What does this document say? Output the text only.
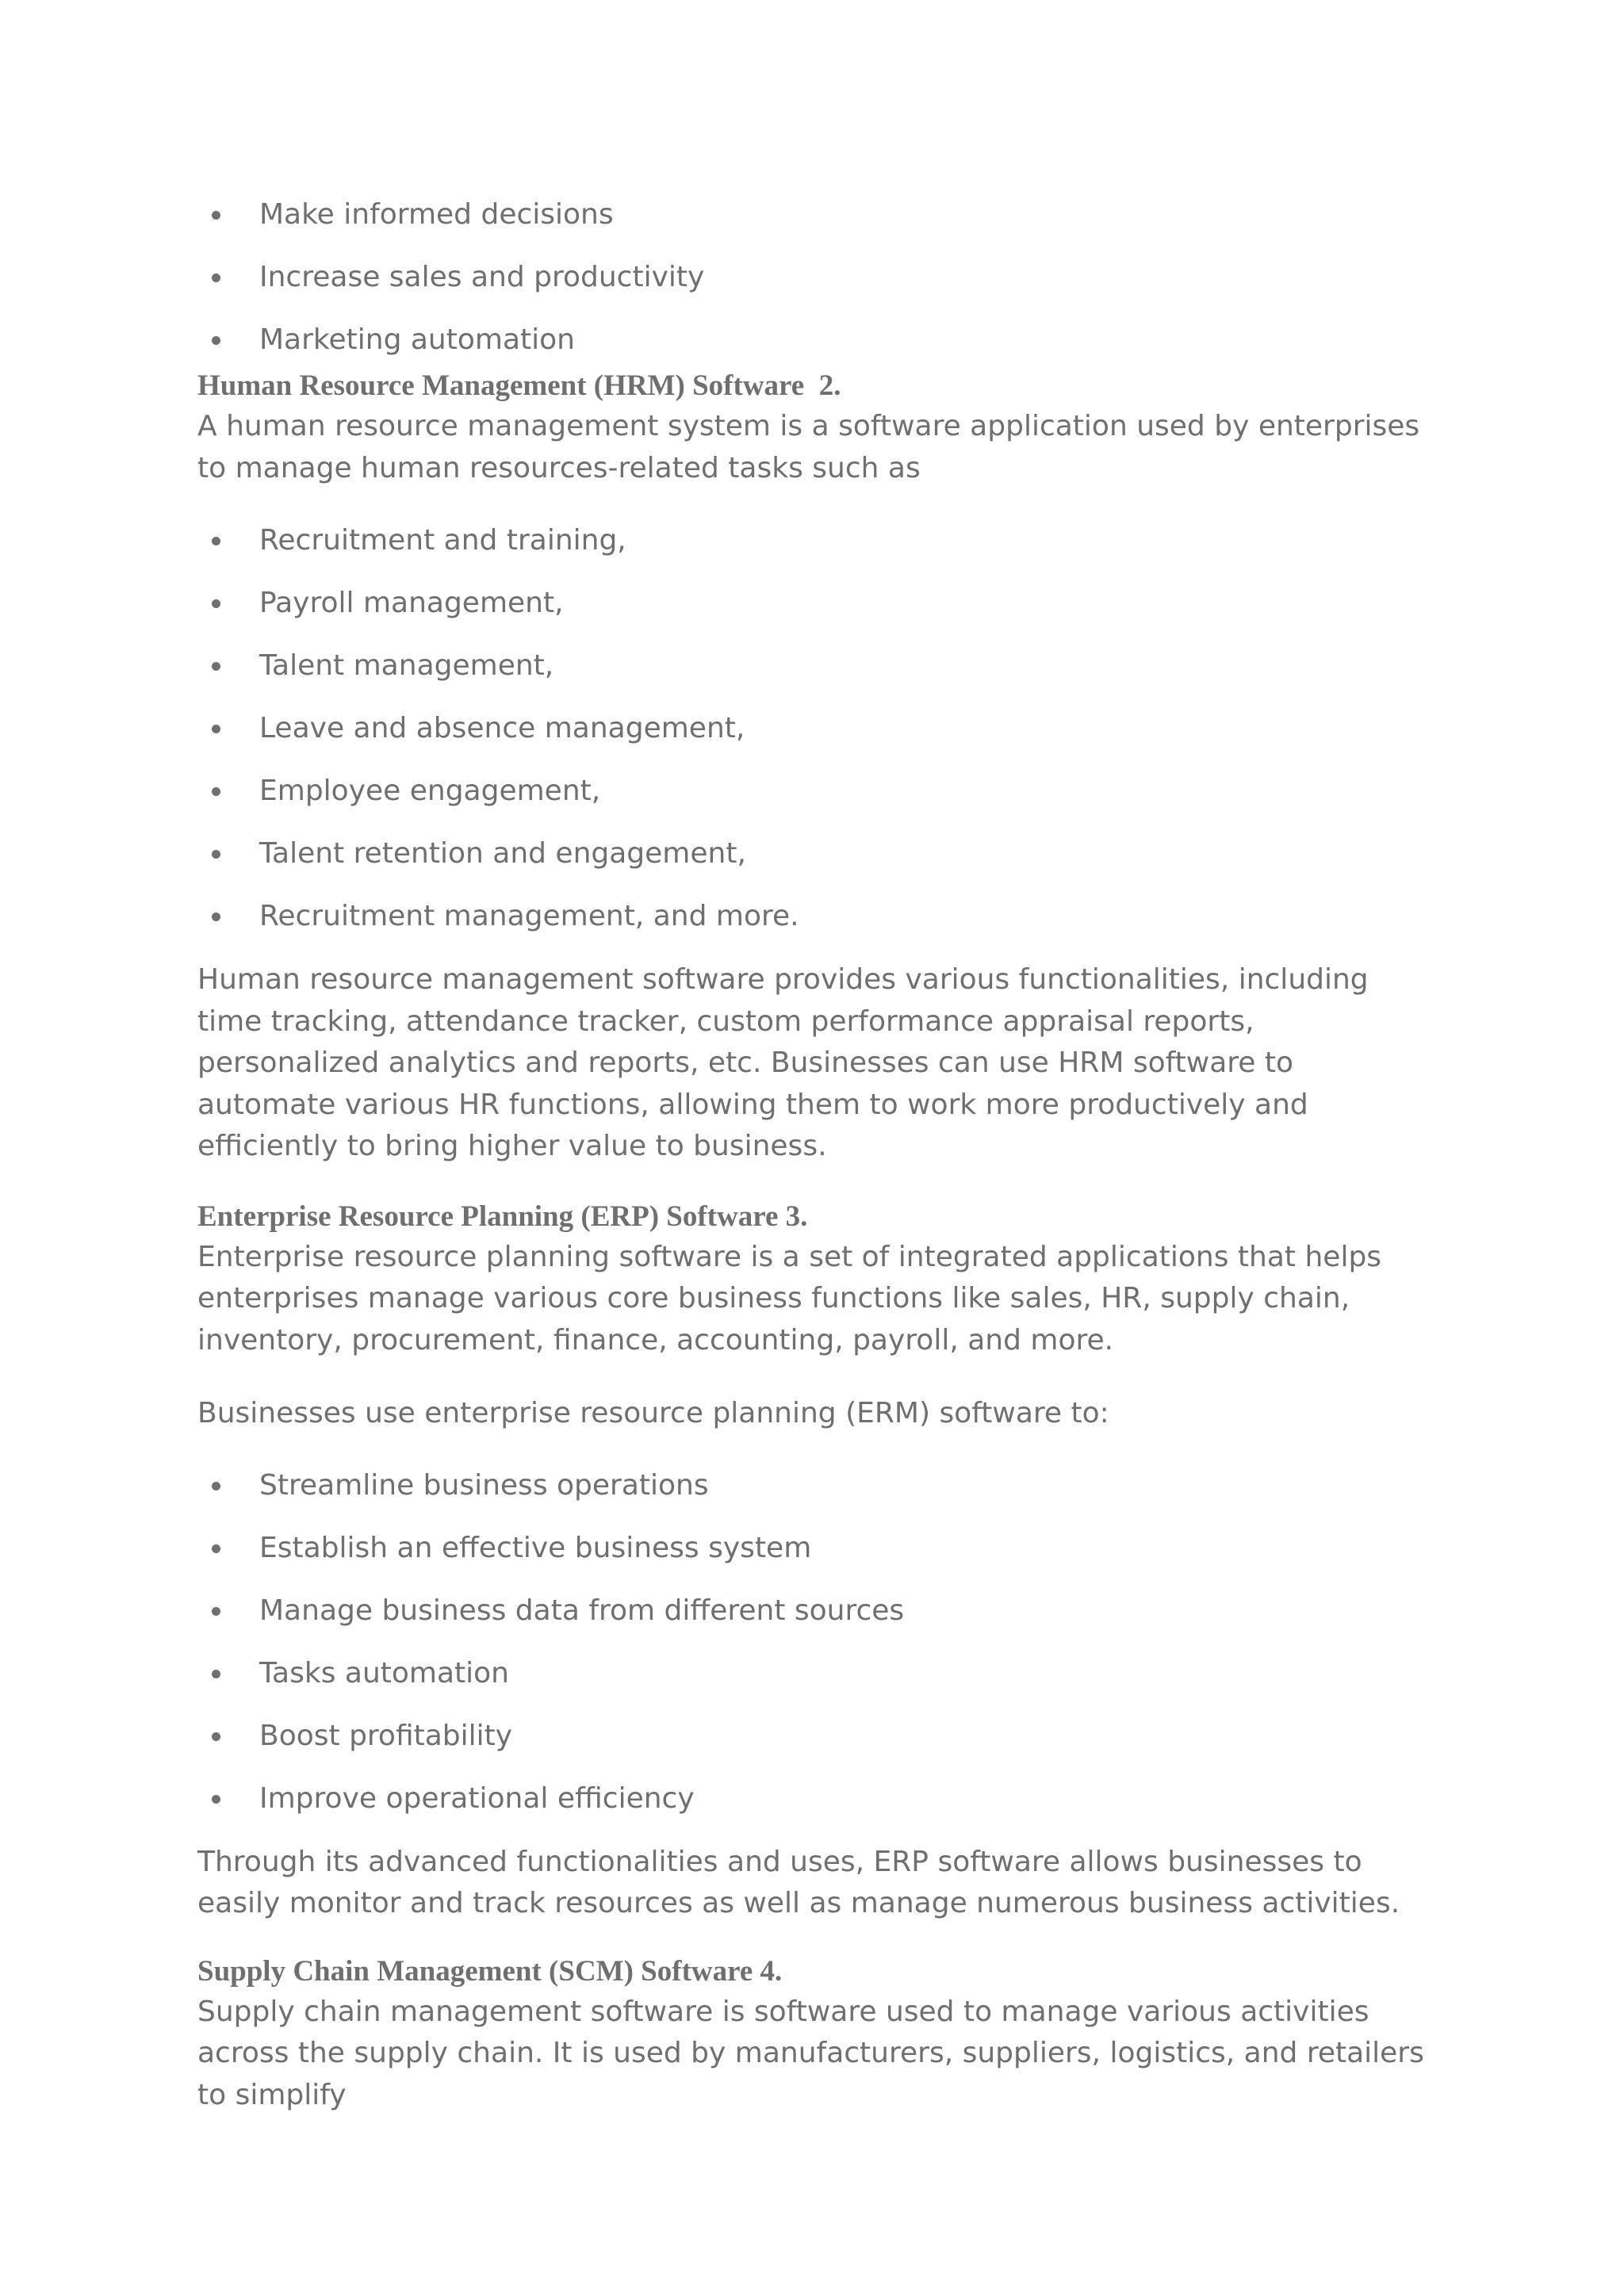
Make informed decisions
Increase sales and productivity
Marketing automation
Human Resource Management (HRM) Software  2.

A human resource management system is a software application used by enterprises to manage human resources-related tasks such as

Recruitment and training,
Payroll management,
Talent management,
Leave and absence management,
Employee engagement,
Talent retention and engagement,
Recruitment management, and more.

Human resource management software provides various functionalities, including time tracking, attendance tracker, custom performance appraisal reports, personalized analytics and reports, etc. Businesses can use HRM software to automate various HR functions, allowing them to work more productively and efficiently to bring higher value to business.

Enterprise Resource Planning (ERP) Software 3.

Enterprise resource planning software is a set of integrated applications that helps enterprises manage various core business functions like sales, HR, supply chain, inventory, procurement, finance, accounting, payroll, and more.

Businesses use enterprise resource planning (ERM) software to:

Streamline business operations
Establish an effective business system
Manage business data from different sources
Tasks automation
Boost profitability
Improve operational efficiency

Through its advanced functionalities and uses, ERP software allows businesses to easily monitor and track resources as well as manage numerous business activities.

Supply Chain Management (SCM) Software 4.

Supply chain management software is software used to manage various activities across the supply chain. It is used by manufacturers, suppliers, logistics, and retailers to simplify
